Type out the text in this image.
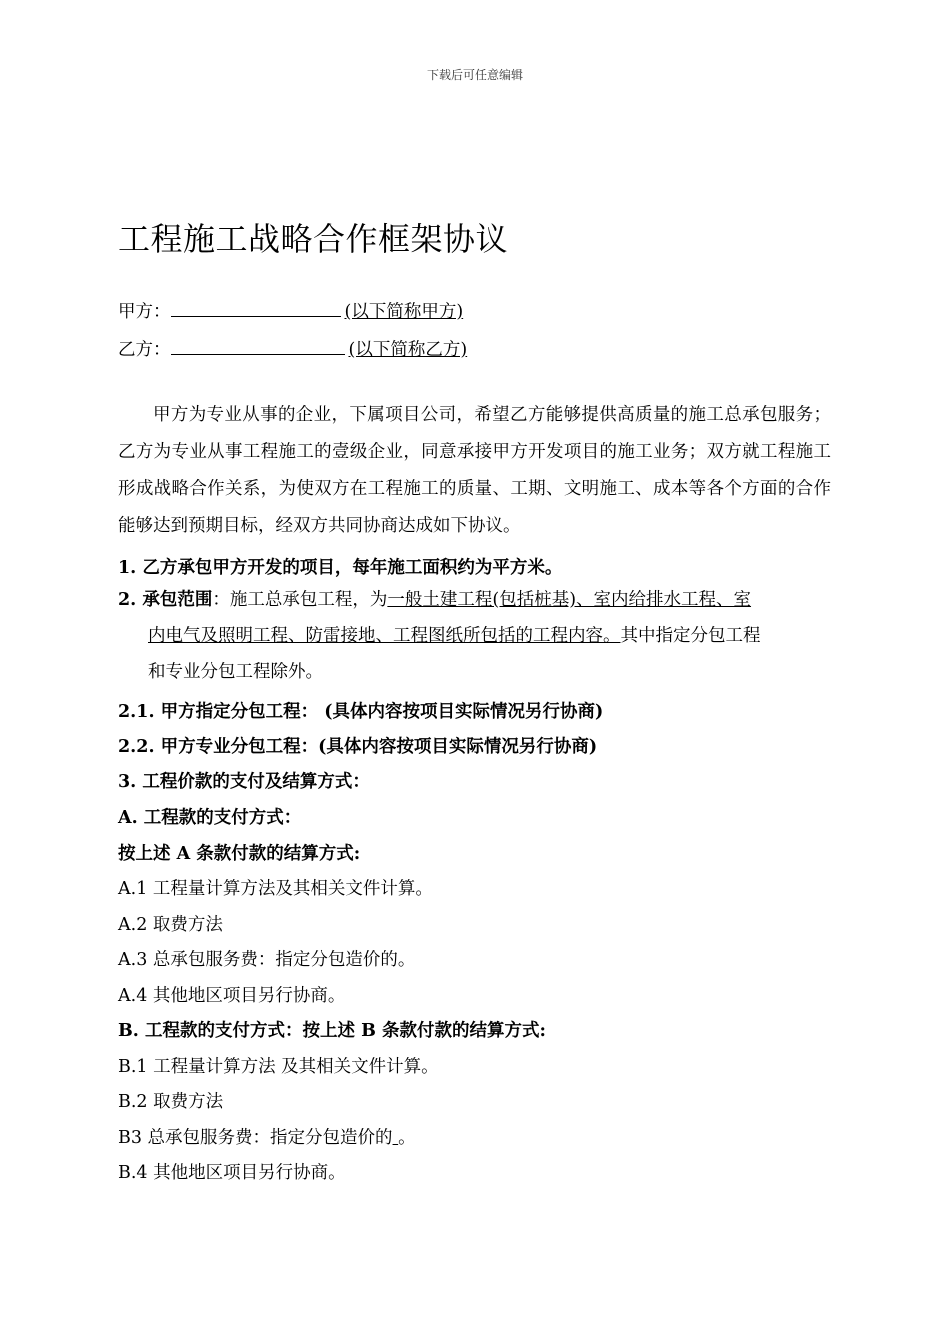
下载后可任意编辑
工程施工战略合作框架协议
甲方：	(以下简称甲方)
乙方：	(以下简称乙方)
甲方为专业从事的企业，下属项目公司，希望乙方能够提供高质量的施工总承包服务；乙方为专业从事工程施工的壹级企业，同意承接甲方开发项目的施工业务；双方就工程施工形成战略合作关系，为使双方在工程施工的质量、工期、文明施工、成本等各个方面的合作能够达到预期目标，经双方共同协商达成如下协议。
1. 乙方承包甲方开发的项目，每年施工面积约为平方米。
2. 承包范围：施工总承包工程，为一般土建工程(包括桩基)、室内给排水工程、室
内电气及照明工程、防雷接地、工程图纸所包括的工程内容。其中指定分包工程
和专业分包工程除外。
2.1. 甲方指定分包工程： (具体内容按项目实际情况另行协商)
2.2. 甲方专业分包工程：(具体内容按项目实际情况另行协商)
3. 工程价款的支付及结算方式：
A. 工程款的支付方式：
按上述 A 条款付款的结算方式:
A.1 工程量计算方法及其相关文件计算。
A.2 取费方法
A.3 总承包服务费：指定分包造价的。
A.4 其他地区项目另行协商。
B. 工程款的支付方式：按上述 B 条款付款的结算方式:
B.1 工程量计算方法 及其相关文件计算。
B.2 取费方法
B3 总承包服务费：指定分包造价的 。
B.4 其他地区项目另行协商。
